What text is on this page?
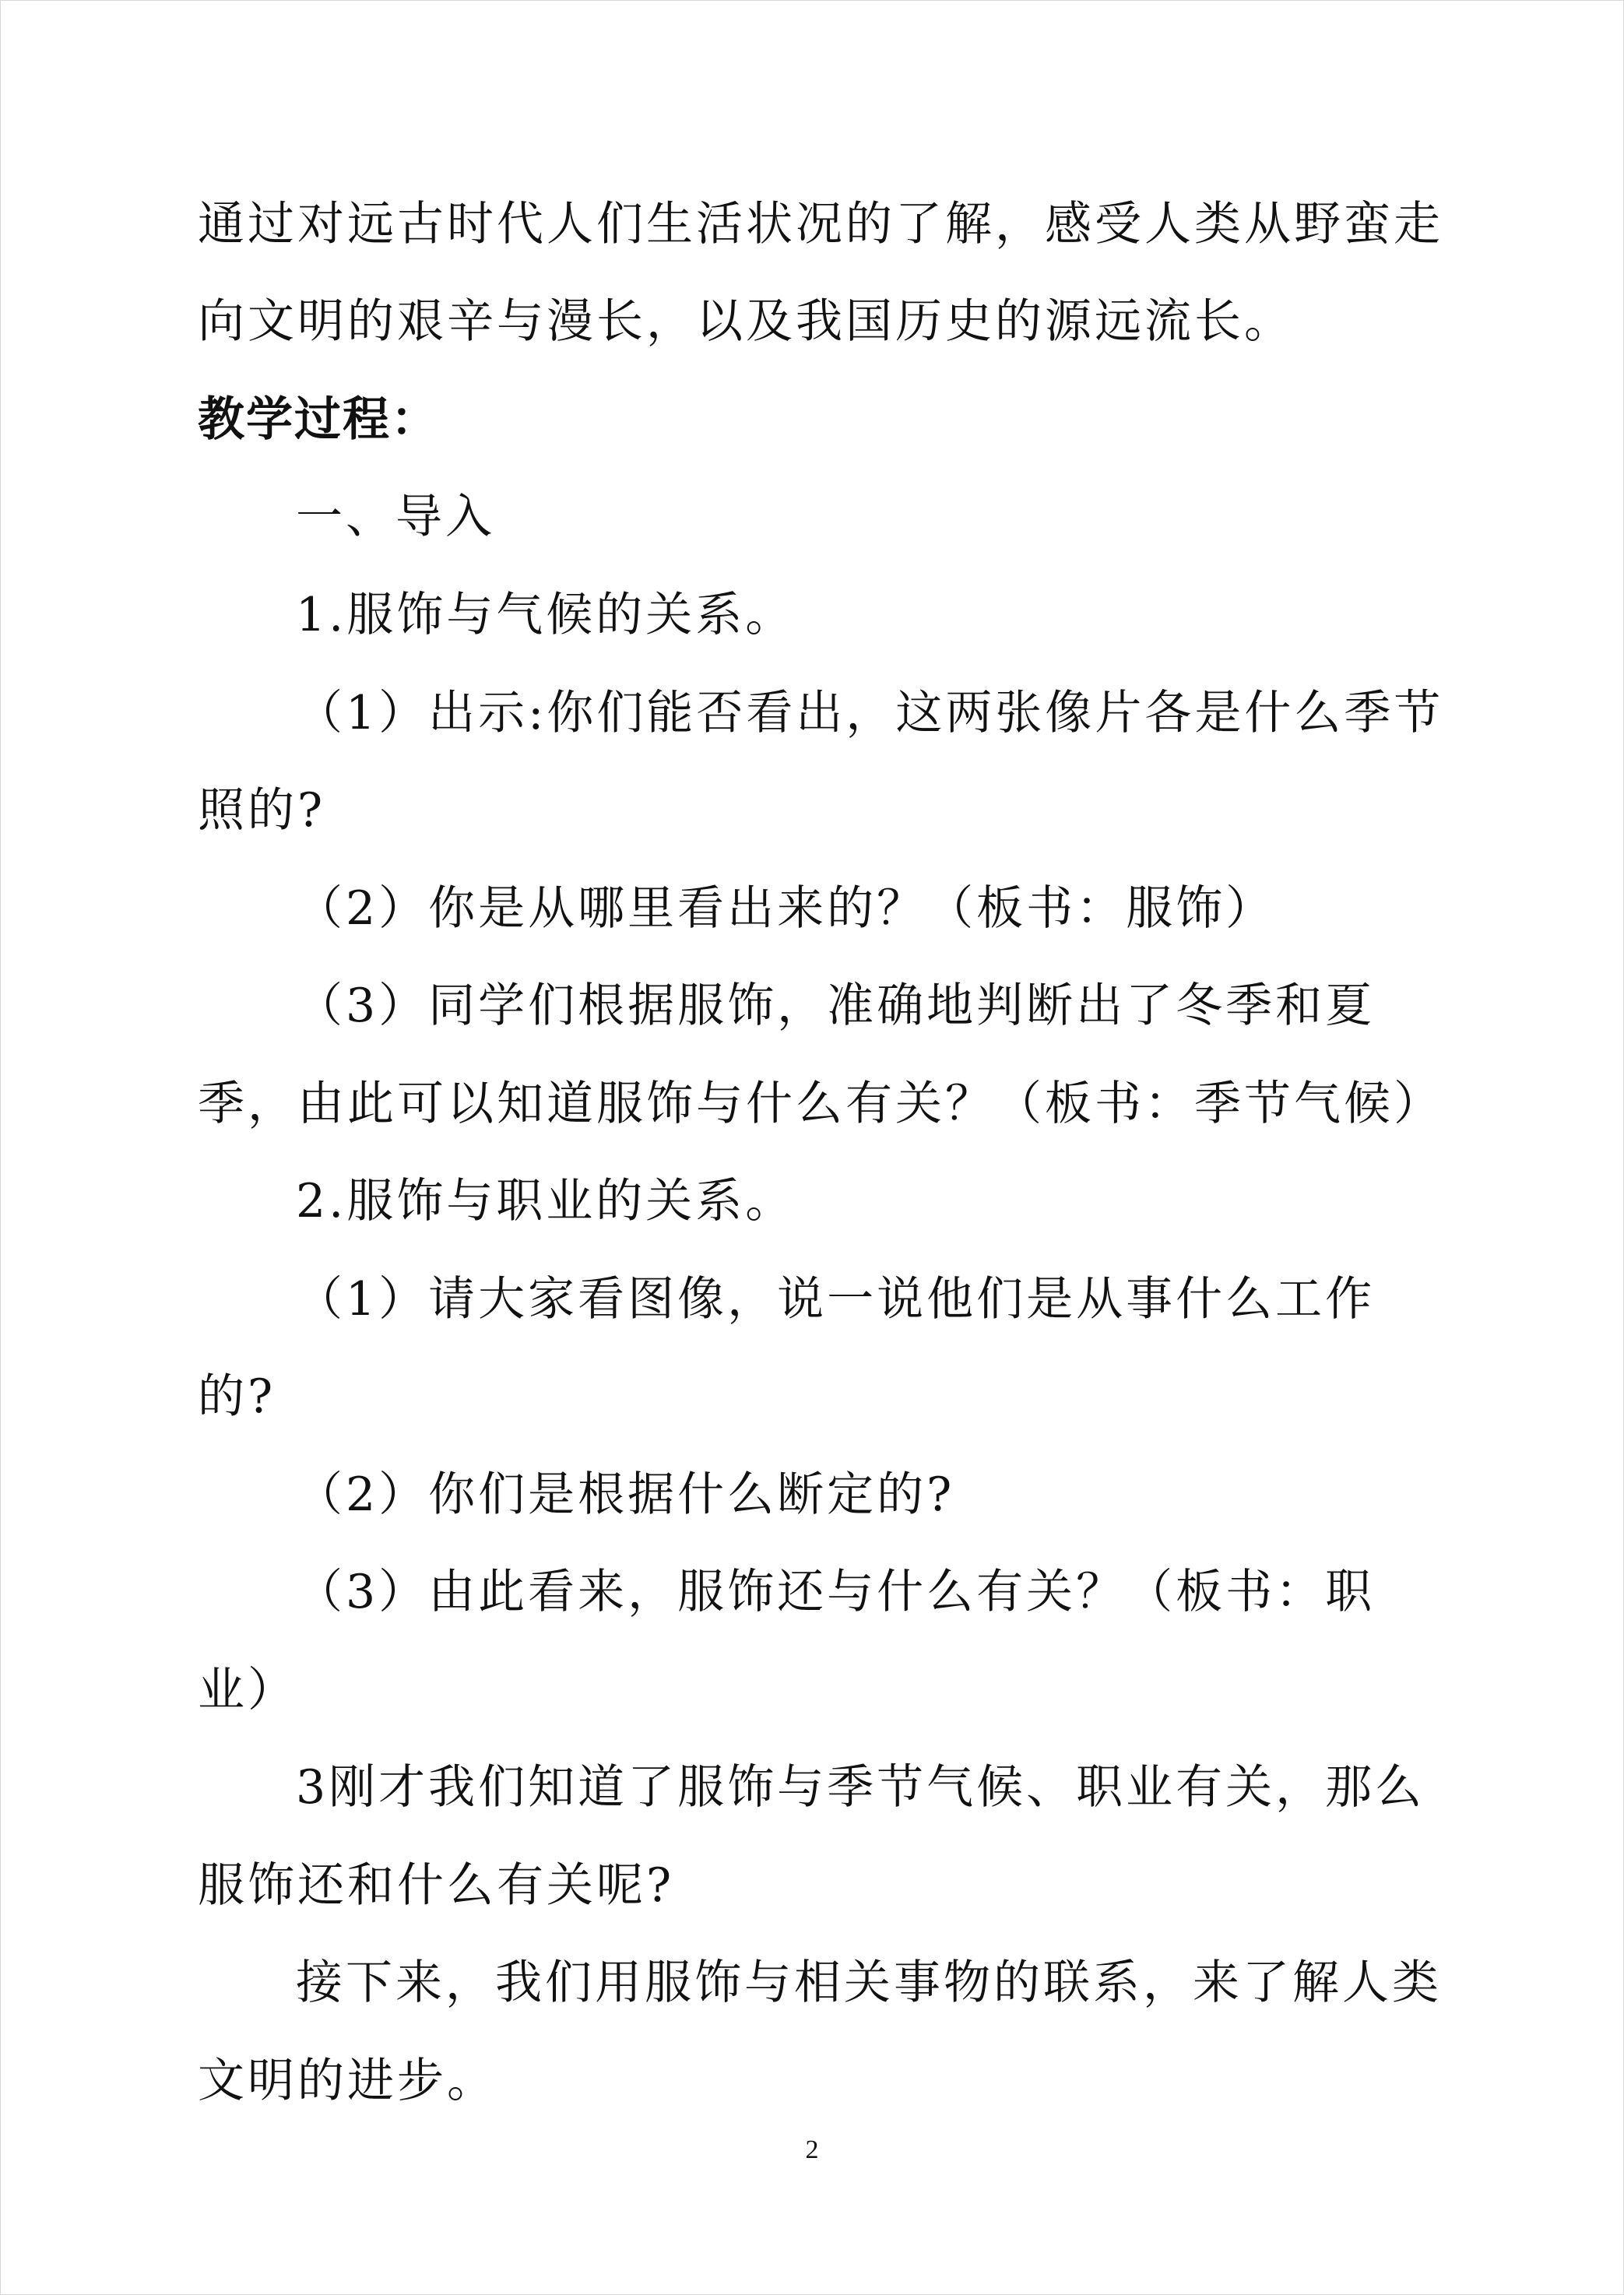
通过对远古时代人们生活状况的了解，感受人类从野蛮走
向文明的艰辛与漫长，以及我国历史的源远流长。
教学过程：
一、导入
1.服饰与气候的关系。
（1）出示:你们能否看出，这两张像片各是什么季节
照的?
（2）你是从哪里看出来的？（板书：服饰）
（3）同学们根据服饰，准确地判断出了冬季和夏
季，由此可以知道服饰与什么有关？（板书：季节气候）
2.服饰与职业的关系。
（1）请大家看图像，说一说他们是从事什么工作
的?
（2）你们是根据什么断定的?
（3）由此看来，服饰还与什么有关？（板书：职
业）
3刚才我们知道了服饰与季节气候、职业有关，那么
服饰还和什么有关呢?
接下来，我们用服饰与相关事物的联系，来了解人类
文明的进步。
2
